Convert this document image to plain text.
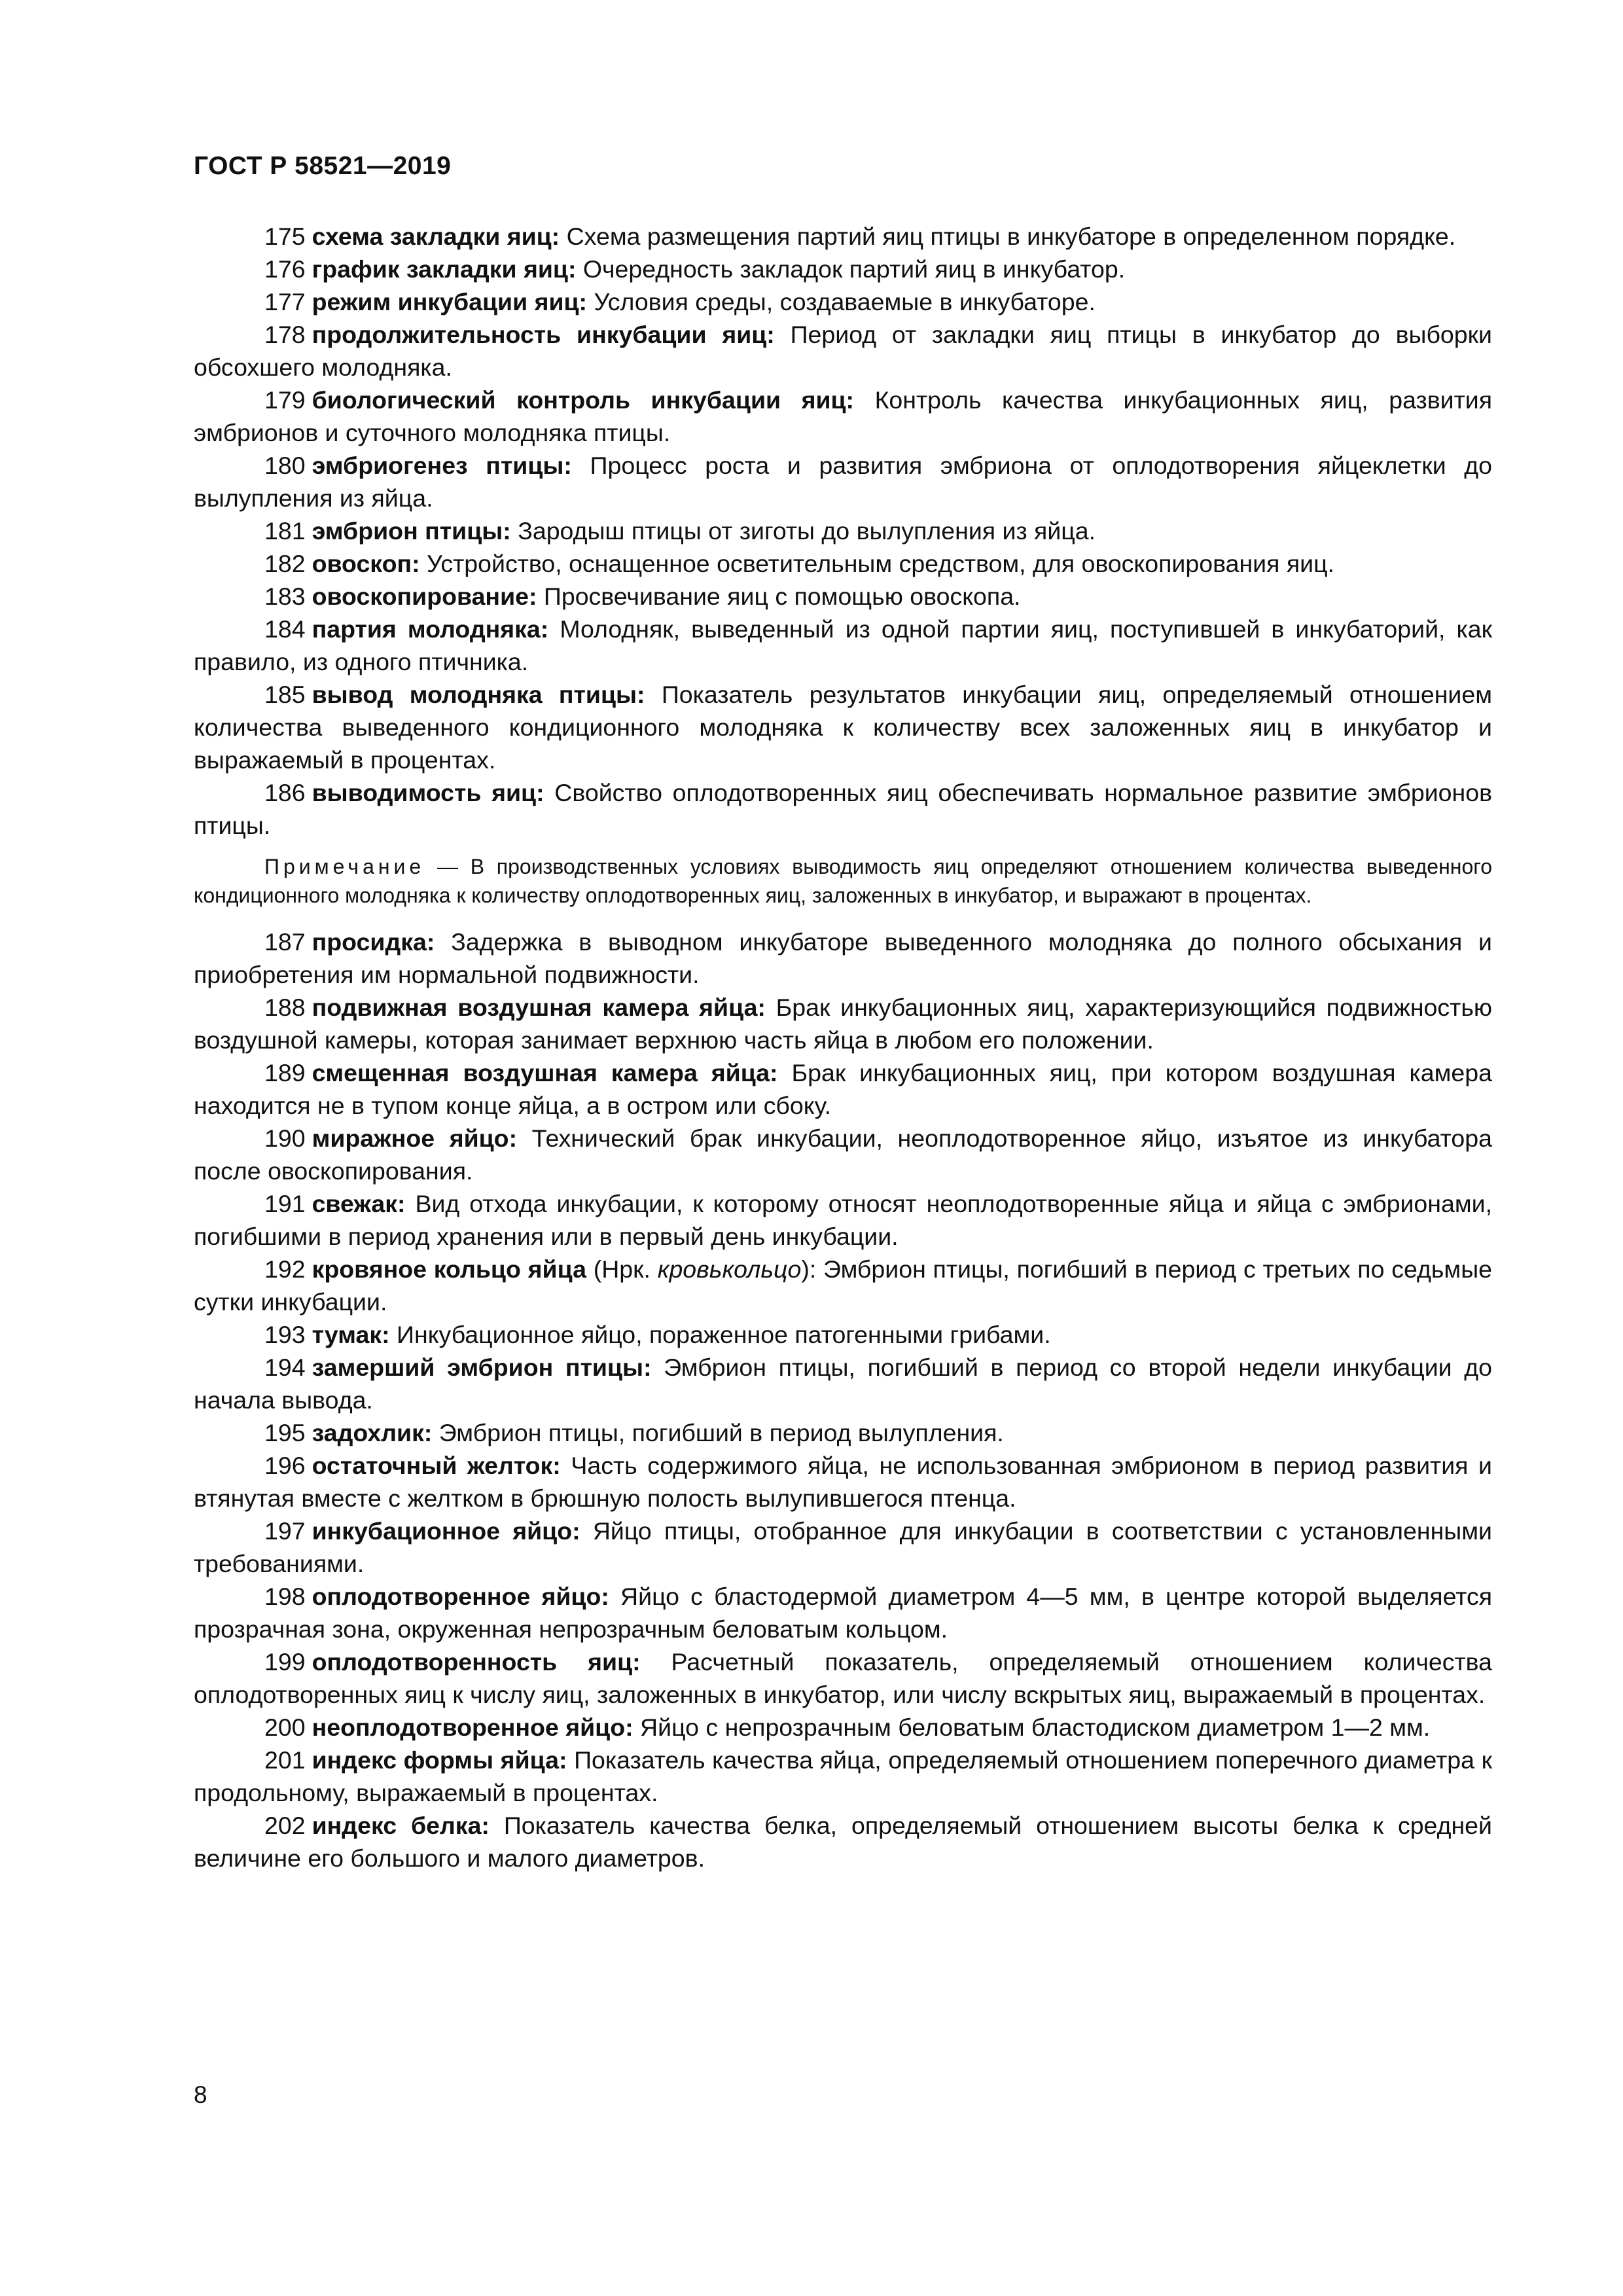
ГОСТ Р 58521—2019

175 схема закладки яиц: Схема размещения партий яиц птицы в инкубаторе в определенном порядке.

176 график закладки яиц: Очередность закладок партий яиц в инкубатор.

177 режим инкубации яиц: Условия среды, создаваемые в инкубаторе.

178 продолжительность инкубации яиц: Период от закладки яиц птицы в инкубатор до выборки обсохшего молодняка.

179 биологический контроль инкубации яиц: Контроль качества инкубационных яиц, развития эмбрионов и суточного молодняка птицы.

180 эмбриогенез птицы: Процесс роста и развития эмбриона от оплодотворения яйцеклетки до вылупления из яйца.

181 эмбрион птицы: Зародыш птицы от зиготы до вылупления из яйца.

182 овоскоп: Устройство, оснащенное осветительным средством, для овоскопирования яиц.

183 овоскопирование: Просвечивание яиц с помощью овоскопа.

184 партия молодняка: Молодняк, выведенный из одной партии яиц, поступившей в инкубаторий, как правило, из одного птичника.

185 вывод молодняка птицы: Показатель результатов инкубации яиц, определяемый отношением количества выведенного кондиционного молодняка к количеству всех заложенных яиц в инкубатор и выражаемый в процентах.

186 выводимость яиц: Свойство оплодотворенных яиц обеспечивать нормальное развитие эмбрионов птицы.

Примечание — В производственных условиях выводимость яиц определяют отношением количества выведенного кондиционного молодняка к количеству оплодотворенных яиц, заложенных в инкубатор, и выражают в процентах.

187 просидка: Задержка в выводном инкубаторе выведенного молодняка до полного обсыхания и приобретения им нормальной подвижности.

188 подвижная воздушная камера яйца: Брак инкубационных яиц, характеризующийся подвижностью воздушной камеры, которая занимает верхнюю часть яйца в любом его положении.

189 смещенная воздушная камера яйца: Брак инкубационных яиц, при котором воздушная камера находится не в тупом конце яйца, а в остром или сбоку.

190 миражное яйцо: Технический брак инкубации, неоплодотворенное яйцо, изъятое из инкубатора после овоскопирования.

191 свежак: Вид отхода инкубации, к которому относят неоплодотворенные яйца и яйца с эмбрионами, погибшими в период хранения или в первый день инкубации.

192 кровяное кольцо яйца (Нрк. кровькольцо): Эмбрион птицы, погибший в период с третьих по седьмые сутки инкубации.

193 тумак: Инкубационное яйцо, пораженное патогенными грибами.

194 замерший эмбрион птицы: Эмбрион птицы, погибший в период со второй недели инкубации до начала вывода.

195 задохлик: Эмбрион птицы, погибший в период вылупления.

196 остаточный желток: Часть содержимого яйца, не использованная эмбрионом в период развития и втянутая вместе с желтком в брюшную полость вылупившегося птенца.

197 инкубационное яйцо: Яйцо птицы, отобранное для инкубации в соответствии с установленными требованиями.

198 оплодотворенное яйцо: Яйцо с бластодермой диаметром 4—5 мм, в центре которой выделяется прозрачная зона, окруженная непрозрачным беловатым кольцом.

199 оплодотворенность яиц: Расчетный показатель, определяемый отношением количества оплодотворенных яиц к числу яиц, заложенных в инкубатор, или числу вскрытых яиц, выражаемый в процентах.

200 неоплодотворенное яйцо: Яйцо с непрозрачным беловатым бластодиском диаметром 1—2 мм.

201 индекс формы яйца: Показатель качества яйца, определяемый отношением поперечного диаметра к продольному, выражаемый в процентах.

202 индекс белка: Показатель качества белка, определяемый отношением высоты белка к средней величине его большого и малого диаметров.

8
